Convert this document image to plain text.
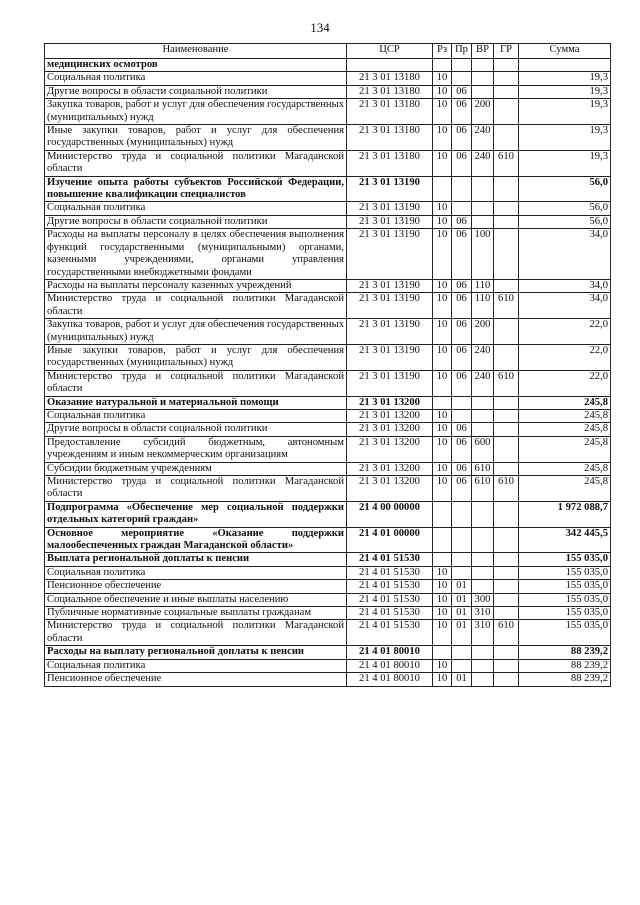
134
Наименование	ЦСР	Рз	Пр	ВР	ГР	Сумма
медицинских осмотров						
Социальная политика	21 3 01 13180	10				19,3
Другие вопросы в области социальной политики	21 3 01 13180	10	06			19,3
Закупка товаров, работ и услуг для обеспечения государственных (муниципальных) нужд	21 3 01 13180	10	06	200		19,3
Иные закупки товаров, работ и услуг для обеспечения государственных (муниципальных) нужд	21 3 01 13180	10	06	240		19,3
Министерство труда и социальной политики Магаданской области	21 3 01 13180	10	06	240	610	19,3
Изучение опыта работы субъектов Российской Федерации, повышение квалификации специалистов	21 3 01 13190					56,0
Социальная политика	21 3 01 13190	10				56,0
Другие вопросы в области социальной политики	21 3 01 13190	10	06			56,0
Расходы на выплаты персоналу в целях обеспечения выполнения функций государственными (муниципальными) органами, казенными учреждениями, органами управления государственными внебюджетными фондами	21 3 01 13190	10	06	100		34,0
Расходы на выплаты персоналу казенных учреждений	21 3 01 13190	10	06	110		34,0
Министерство труда и социальной политики Магаданской области	21 3 01 13190	10	06	110	610	34,0
Закупка товаров, работ и услуг для обеспечения государственных (муниципальных) нужд	21 3 01 13190	10	06	200		22,0
Иные закупки товаров, работ и услуг для обеспечения государственных (муниципальных) нужд	21 3 01 13190	10	06	240		22,0
Министерство труда и социальной политики Магаданской области	21 3 01 13190	10	06	240	610	22,0
Оказание натуральной и материальной помощи	21 3 01 13200					245,8
Социальная политика	21 3 01 13200	10				245,8
Другие вопросы в области социальной политики	21 3 01 13200	10	06			245,8
Предоставление субсидий бюджетным, автономным учреждениям и иным некоммерческим организациям	21 3 01 13200	10	06	600		245,8
Субсидии бюджетным учреждениям	21 3 01 13200	10	06	610		245,8
Министерство труда и социальной политики Магаданской области	21 3 01 13200	10	06	610	610	245,8
Подпрограмма «Обеспечение мер социальной поддержки отдельных категорий граждан»	21 4 00 00000					1 972 088,7
Основное мероприятие «Оказание поддержки малообеспеченных граждан Магаданской области»	21 4 01 00000					342 445,5
Выплата региональной доплаты к пенсии	21 4 01 51530					155 035,0
Социальная политика	21 4 01 51530	10				155 035,0
Пенсионное обеспечение	21 4 01 51530	10	01			155 035,0
Социальное обеспечение и иные выплаты населению	21 4 01 51530	10	01	300		155 035,0
Публичные нормативные социальные выплаты гражданам	21 4 01 51530	10	01	310		155 035,0
Министерство труда и социальной политики Магаданской области	21 4 01 51530	10	01	310	610	155 035,0
Расходы на выплату региональной доплаты к пенсии	21 4 01 80010					88 239,2
Социальная политика	21 4 01 80010	10				88 239,2
Пенсионное обеспечение	21 4 01 80010	10	01			88 239,2
